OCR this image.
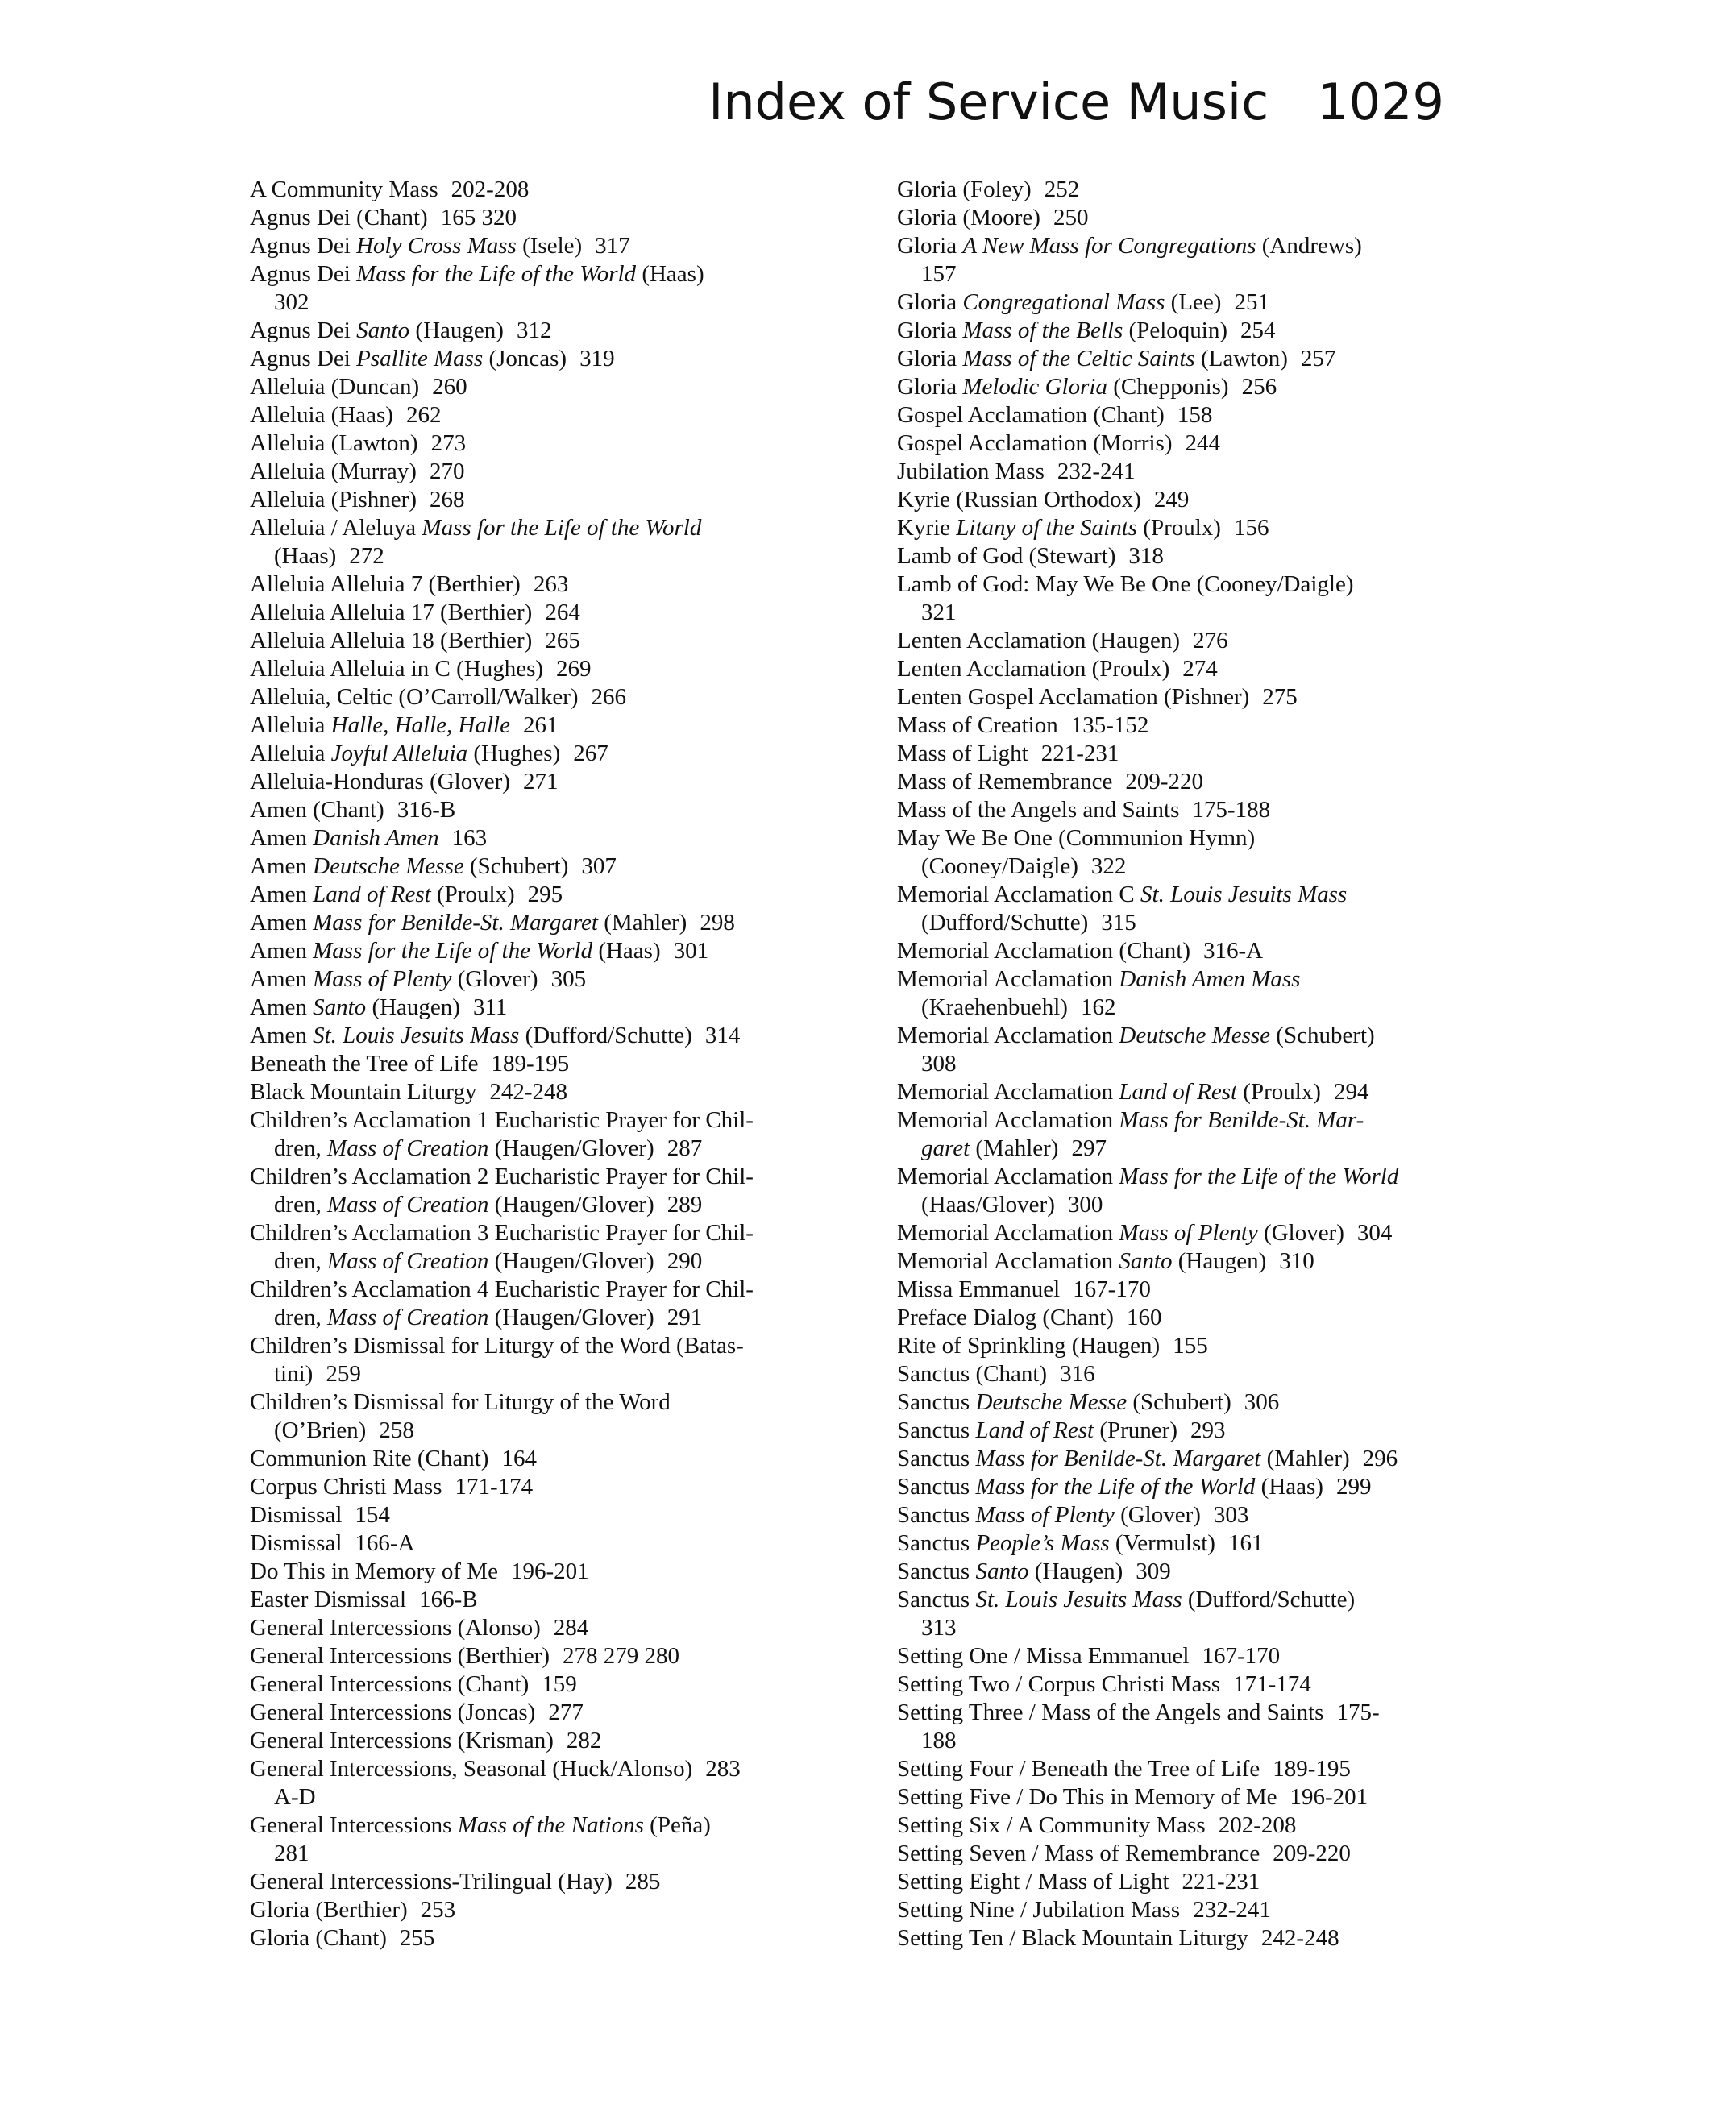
Index of Service Music 1029
A Community Mass 202-208
Agnus Dei (Chant) 165 320
Agnus Dei Holy Cross Mass (Isele) 317
Agnus Dei Mass for the Life of the World (Haas)
302
Agnus Dei Santo (Haugen) 312
Agnus Dei Psallite Mass (Joncas) 319
Alleluia (Duncan) 260
Alleluia (Haas) 262
Alleluia (Lawton) 273
Alleluia (Murray) 270
Alleluia (Pishner) 268
Alleluia / Aleluya Mass for the Life of the World
(Haas) 272
Alleluia Alleluia 7 (Berthier) 263
Alleluia Alleluia 17 (Berthier) 264
Alleluia Alleluia 18 (Berthier) 265
Alleluia Alleluia in C (Hughes) 269
Alleluia, Celtic (O’Carroll/Walker) 266
Alleluia Halle, Halle, Halle 261
Alleluia Joyful Alleluia (Hughes) 267
Alleluia-Honduras (Glover) 271
Amen (Chant) 316-B
Amen Danish Amen 163
Amen Deutsche Messe (Schubert) 307
Amen Land of Rest (Proulx) 295
Amen Mass for Benilde-St. Margaret (Mahler) 298
Amen Mass for the Life of the World (Haas) 301
Amen Mass of Plenty (Glover) 305
Amen Santo (Haugen) 311
Amen St. Louis Jesuits Mass (Dufford/Schutte) 314
Beneath the Tree of Life 189-195
Black Mountain Liturgy 242-248
Children’s Acclamation 1 Eucharistic Prayer for Chil-
dren, Mass of Creation (Haugen/Glover) 287
Children’s Acclamation 2 Eucharistic Prayer for Chil-
dren, Mass of Creation (Haugen/Glover) 289
Children’s Acclamation 3 Eucharistic Prayer for Chil-
dren, Mass of Creation (Haugen/Glover) 290
Children’s Acclamation 4 Eucharistic Prayer for Chil-
dren, Mass of Creation (Haugen/Glover) 291
Children’s Dismissal for Liturgy of the Word (Batas-
tini) 259
Children’s Dismissal for Liturgy of the Word
(O’Brien) 258
Communion Rite (Chant) 164
Corpus Christi Mass 171-174
Dismissal 154
Dismissal 166-A
Do This in Memory of Me 196-201
Easter Dismissal 166-B
General Intercessions (Alonso) 284
General Intercessions (Berthier) 278 279 280
General Intercessions (Chant) 159
General Intercessions (Joncas) 277
General Intercessions (Krisman) 282
General Intercessions, Seasonal (Huck/Alonso) 283
A-D
General Intercessions Mass of the Nations (Peña)
281
General Intercessions-Trilingual (Hay) 285
Gloria (Berthier) 253
Gloria (Chant) 255
Gloria (Foley) 252
Gloria (Moore) 250
Gloria A New Mass for Congregations (Andrews)
157
Gloria Congregational Mass (Lee) 251
Gloria Mass of the Bells (Peloquin) 254
Gloria Mass of the Celtic Saints (Lawton) 257
Gloria Melodic Gloria (Chepponis) 256
Gospel Acclamation (Chant) 158
Gospel Acclamation (Morris) 244
Jubilation Mass 232-241
Kyrie (Russian Orthodox) 249
Kyrie Litany of the Saints (Proulx) 156
Lamb of God (Stewart) 318
Lamb of God: May We Be One (Cooney/Daigle)
321
Lenten Acclamation (Haugen) 276
Lenten Acclamation (Proulx) 274
Lenten Gospel Acclamation (Pishner) 275
Mass of Creation 135-152
Mass of Light 221-231
Mass of Remembrance 209-220
Mass of the Angels and Saints 175-188
May We Be One (Communion Hymn)
(Cooney/Daigle) 322
Memorial Acclamation C St. Louis Jesuits Mass
(Dufford/Schutte) 315
Memorial Acclamation (Chant) 316-A
Memorial Acclamation Danish Amen Mass
(Kraehenbuehl) 162
Memorial Acclamation Deutsche Messe (Schubert)
308
Memorial Acclamation Land of Rest (Proulx) 294
Memorial Acclamation Mass for Benilde-St. Mar-
garet (Mahler) 297
Memorial Acclamation Mass for the Life of the World
(Haas/Glover) 300
Memorial Acclamation Mass of Plenty (Glover) 304
Memorial Acclamation Santo (Haugen) 310
Missa Emmanuel 167-170
Preface Dialog (Chant) 160
Rite of Sprinkling (Haugen) 155
Sanctus (Chant) 316
Sanctus Deutsche Messe (Schubert) 306
Sanctus Land of Rest (Pruner) 293
Sanctus Mass for Benilde-St. Margaret (Mahler) 296
Sanctus Mass for the Life of the World (Haas) 299
Sanctus Mass of Plenty (Glover) 303
Sanctus People’s Mass (Vermulst) 161
Sanctus Santo (Haugen) 309
Sanctus St. Louis Jesuits Mass (Dufford/Schutte)
313
Setting One / Missa Emmanuel 167-170
Setting Two / Corpus Christi Mass 171-174
Setting Three / Mass of the Angels and Saints 175-
188
Setting Four / Beneath the Tree of Life 189-195
Setting Five / Do This in Memory of Me 196-201
Setting Six / A Community Mass 202-208
Setting Seven / Mass of Remembrance 209-220
Setting Eight / Mass of Light 221-231
Setting Nine / Jubilation Mass 232-241
Setting Ten / Black Mountain Liturgy 242-248
